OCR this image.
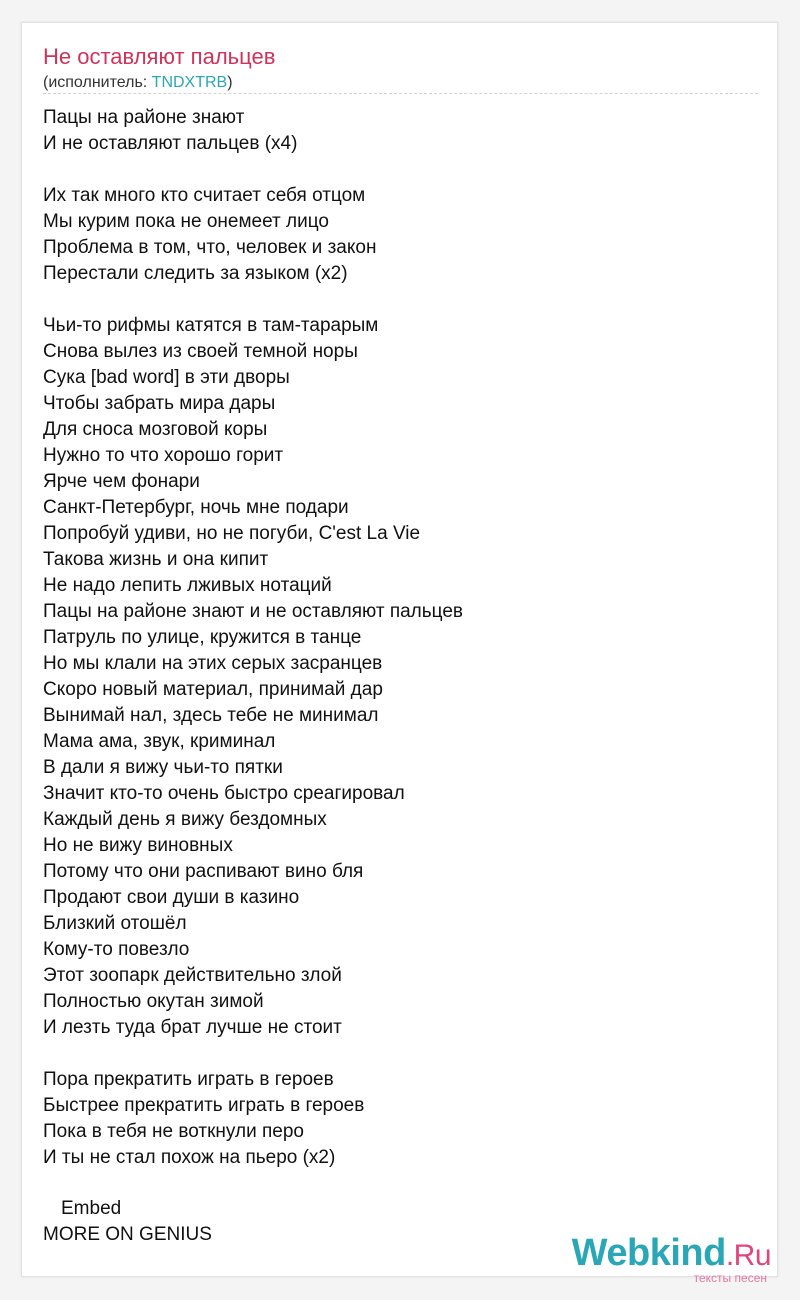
Не оставляют пальцев
(исполнитель: TNDXTRB)
Пацы на районе знают
И не оставляют пальцев (x4)
Их так много кто считает себя отцом
Мы курим пока не онемеет лицо
Проблема в том, что, человек и закон
Перестали следить за языком (x2)
Чьи-то рифмы катятся в там-тарарым
Снова вылез из своей темной норы
Сука [bad word] в эти дворы
Чтобы забрать мира дары
Для сноса мозговой коры
Нужно то что хорошо горит
Ярче чем фонари
Санкт-Петербург, ночь мне подари
Попробуй удиви, но не погуби, C'est La Vie
Такова жизнь и она кипит
Не надо лепить лживых нотаций
Пацы на районе знают и не оставляют пальцев
Патруль по улице, кружится в танце
Но мы клали на этих серых засранцев
Скоро новый материал, принимай дар
Вынимай нал, здесь тебе не минимал
Мама ама, звук, криминал
В дали я вижу чьи-то пятки
Значит кто-то очень быстро среагировал
Каждый день я вижу бездомных
Но не вижу виновных
Потому что они распивают вино бля
Продают свои души в казино
Близкий отошёл
Кому-то повезло
Этот зоопарк действительно злой
Полностью окутан зимой
И лезть туда брат лучше не стоит
Пора прекратить играть в героев
Быстрее прекратить играть в героев
Пока в тебя не воткнули перо
И ты не стал похож на пьеро (x2)
Embed
MORE ON GENIUS	Webkind.Ru
тексты песен
